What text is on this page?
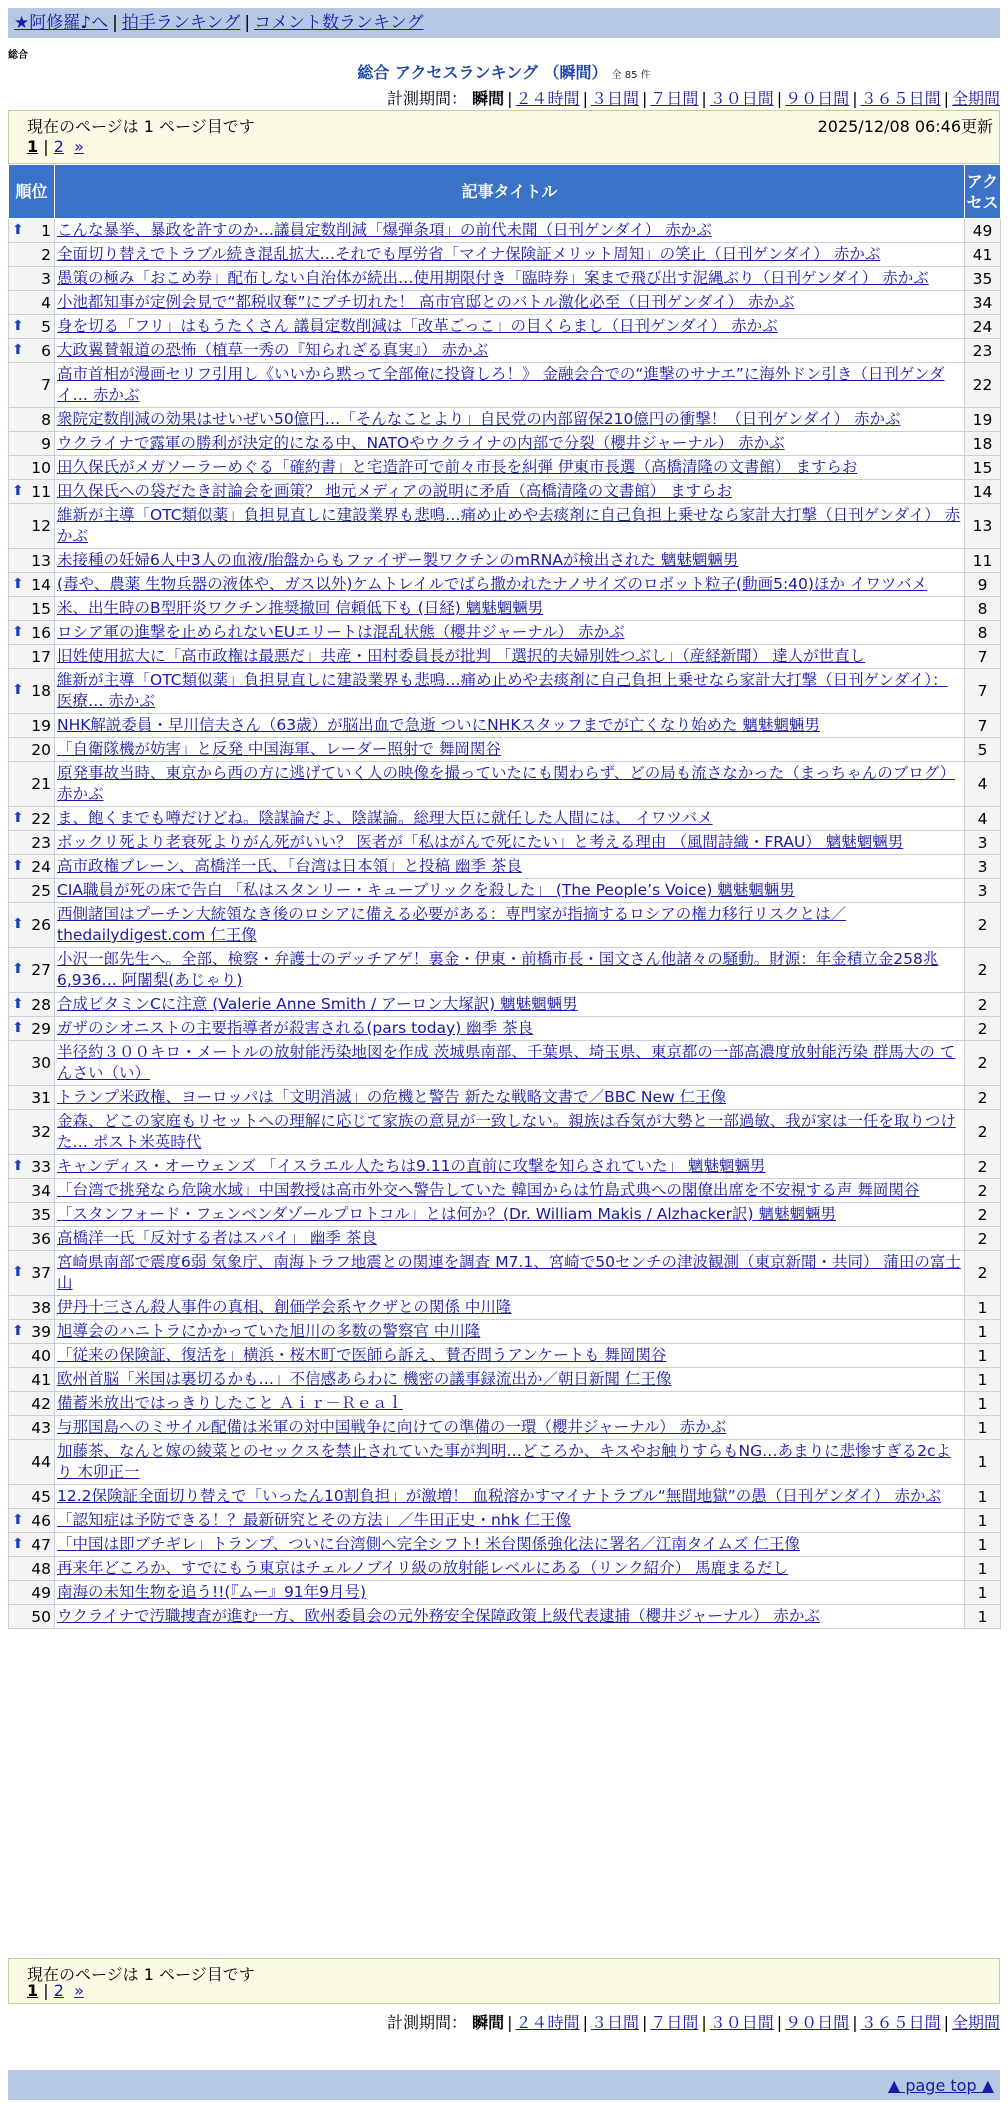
★阿修羅♪へ | 拍手ランキング | コメント数ランキング
総合
総合 アクセスランキング （瞬間） 全 85 件
計測期間： 瞬間 | ２４時間 | ３日間 | ７日間 | ３０日間 | ９０日間 | ３６５日間 | 全期間
現在のページは 1 ページ目です	2025/12/08 06:46更新
1 | 2 »
順位	記事タイトル	アクセス

⬆ 1	こんな暴挙、暴政を許すのか…議員定数削減「爆弾条項」の前代未聞（日刊ゲンダイ） 赤かぶ	49
2	全面切り替えでトラブル続き混乱拡大…それでも厚労省「マイナ保険証メリット周知」の笑止（日刊ゲンダイ） 赤かぶ	41
3	愚策の極み「おこめ券」配布しない自治体が続出…使用期限付き「臨時券」案まで飛び出す泥縄ぶり（日刊ゲンダイ） 赤かぶ	35
4	小池都知事が定例会見で“都税収奪”にブチ切れた！ 高市官邸とのバトル激化必至（日刊ゲンダイ） 赤かぶ	34

⬆ 5	身を切る「フリ」はもうたくさん 議員定数削減は「改革ごっこ」の目くらまし（日刊ゲンダイ） 赤かぶ	24

⬆ 6	大政翼賛報道の恐怖（植草一秀の『知られざる真実』） 赤かぶ	23
7	高市首相が漫画セリフ引用し《いいから黙って全部俺に投資しろ！》 金融会合での“進撃のサナエ”に海外ドン引き（日刊ゲンダイ… 赤かぶ	22
8	衆院定数削減の効果はせいぜい50億円…「そんなことより」自民党の内部留保210億円の衝撃！（日刊ゲンダイ） 赤かぶ	19
9	ウクライナで露軍の勝利が決定的になる中、NATOやウクライナの内部で分裂（櫻井ジャーナル） 赤かぶ	18
10	田久保氏がメガソーラーめぐる「確約書」と宅造許可で前々市長を糾弾 伊東市長選（高橋清隆の文書館） ますらお	15

⬆ 11	田久保氏への袋だたき討論会を画策？ 地元メディアの説明に矛盾（高橋清隆の文書館） ますらお	14
12	維新が主導「OTC類似薬」負担見直しに建設業界も悲鳴…痛め止めや去痰剤に自己負担上乗せなら家計大打撃（日刊ゲンダイ） 赤かぶ	13
13	未接種の妊婦6人中3人の血液/胎盤からもファイザー製ワクチンのmRNAが検出された 魑魅魍魎男	11

⬆ 14	(毒や、農薬 生物兵器の液体や、ガス以外)ケムトレイルでばら撒かれたナノサイズのロボット粒子(動画5:40)ほか イワツバメ	9
15	米、出生時のB型肝炎ワクチン推奨撤回 信頼低下も (日経) 魑魅魍魎男	8

⬆ 16	ロシア軍の進撃を止められないEUエリートは混乱状態（櫻井ジャーナル） 赤かぶ	8
17	旧姓使用拡大に「高市政権は最悪だ」共産・田村委員長が批判 「選択的夫婦別姓つぶし」（産経新聞） 達人が世直し	7

⬆ 18	維新が主導「OTC類似薬」負担見直しに建設業界も悲鳴…痛め止めや去痰剤に自己負担上乗せなら家計大打撃（日刊ゲンダイ）：医療… 赤かぶ	7
19	NHK解説委員・早川信夫さん（63歳）が脳出血で急逝 ついにNHKスタッフまでが亡くなり始めた 魑魅魍魎男	7
20	「自衛隊機が妨害」と反発 中国海軍、レーダー照射で 舞岡関谷	5
21	原発事故当時、東京から西の方に逃げていく人の映像を撮っていたにも関わらず、どの局も流さなかった（まっちゃんのブログ） 赤かぶ	4

⬆ 22	ま、飽くまでも噂だけどね。陰謀論だよ、陰謀論。総理大臣に就任した人間には、 イワツバメ	4
23	ボックリ死より老衰死よりがん死がいい？ 医者が「私はがんで死にたい」と考える理由 （風間詩織・FRAU） 魑魅魍魎男	3

⬆ 24	高市政権ブレーン、高橋洋一氏、「台湾は日本領」と投稿 幽季 茶良	3
25	CIA職員が死の床で告白 「私はスタンリー・キューブリックを殺した」 (The People’s Voice) 魑魅魍魎男	3

⬆ 26	西側諸国はプーチン大統領なき後のロシアに備える必要がある：専門家が指摘するロシアの権力移行リスクとは／thedailydigest.com 仁王像	2

⬆ 27	小沢一郎先生へ。全部、検察・弁護士のデッチアゲ！裏金・伊東・前橋市長・国文さん他諸々の騒動。財源：年金積立金258兆6,936… 阿闍梨(あじゃり)	2

⬆ 28	合成ビタミンCに注意 (Valerie Anne Smith / アーロン大塚訳) 魑魅魍魎男	2

⬆ 29	ガザのシオニストの主要指導者が殺害される(pars today) 幽季 茶良	2
30	半径約３００キロ・メートルの放射能汚染地図を作成 茨城県南部、千葉県、埼玉県、東京都の一部高濃度放射能汚染 群馬大の てんさい（い）	2
31	トランプ米政権、ヨーロッパは「文明消滅」の危機と警告 新たな戦略文書で／BBC New 仁王像	2
32	金森、どこの家庭もリセットへの理解に応じて家族の意見が一致しない。親族は呑気が大勢と一部過敏、我が家は一任を取りつけた… ポスト米英時代	2

⬆ 33	キャンディス・オーウェンズ 「イスラエル人たちは9.11の直前に攻撃を知らされていた」 魑魅魍魎男	2
34	「台湾で挑発なら危険水域」中国教授は高市外交へ警告していた 韓国からは竹島式典への閣僚出席を不安視する声 舞岡関谷	2
35	「スタンフォード・フェンベンダゾールプロトコル」とは何か？(Dr. William Makis / Alzhacker訳) 魑魅魍魎男	2
36	高橋洋一氏「反対する者はスパイ」 幽季 茶良	2

⬆ 37	宮崎県南部で震度6弱 気象庁、南海トラフ地震との関連を調査 M7.1、宮崎で50センチの津波観測（東京新聞・共同） 蒲田の富士山	2
38	伊丹十三さん殺人事件の真相、創価学会系ヤクザとの関係 中川隆	1

⬆ 39	旭導会のハニトラにかかっていた旭川の多数の警察官 中川隆	1
40	「従来の保険証、復活を」横浜・桜木町で医師ら訴え、賛否問うアンケートも 舞岡関谷	1
41	欧州首脳「米国は裏切るかも…」不信感あらわに 機密の議事録流出か／朝日新聞 仁王像	1
42	備蓄米放出ではっきりしたこと Ａｉｒ－Ｒｅａｌ	1
43	与那国島へのミサイル配備は米軍の対中国戦争に向けての準備の一環（櫻井ジャーナル） 赤かぶ	1
44	加藤茶、なんと嫁の綾菜とのセックスを禁止されていた事が判明…どころか、キスやお触りすらもNG…あまりに悲惨すぎる2cより 木卯正一	1
45	12.2保険証全面切り替えで「いったん10割負担」が激増！ 血税溶かすマイナトラブル“無間地獄”の愚（日刊ゲンダイ） 赤かぶ	1

⬆ 46	「認知症は予防できる！？最新研究とその方法」／牛田正史・nhk 仁王像	1

⬆ 47	「中国は即ブチギレ」トランプ、ついに台湾側へ完全シフト! 米台関係強化法に署名／江南タイムズ 仁王像	1
48	再来年どころか、すでにもう東京はチェルノブイリ級の放射能レベルにある（リンク紹介） 馬鹿まるだし	1
49	南海の未知生物を追う!!(『ムー』91年9月号)	1
50	ウクライナで汚職捜査が進む一方、欧州委員会の元外務安全保障政策上級代表逮捕（櫻井ジャーナル） 赤かぶ	1
現在のページは 1 ページ目です
1 | 2 »
計測期間： 瞬間 | ２４時間 | ３日間 | ７日間 | ３０日間 | ９０日間 | ３６５日間 | 全期間
▲ page top ▲
